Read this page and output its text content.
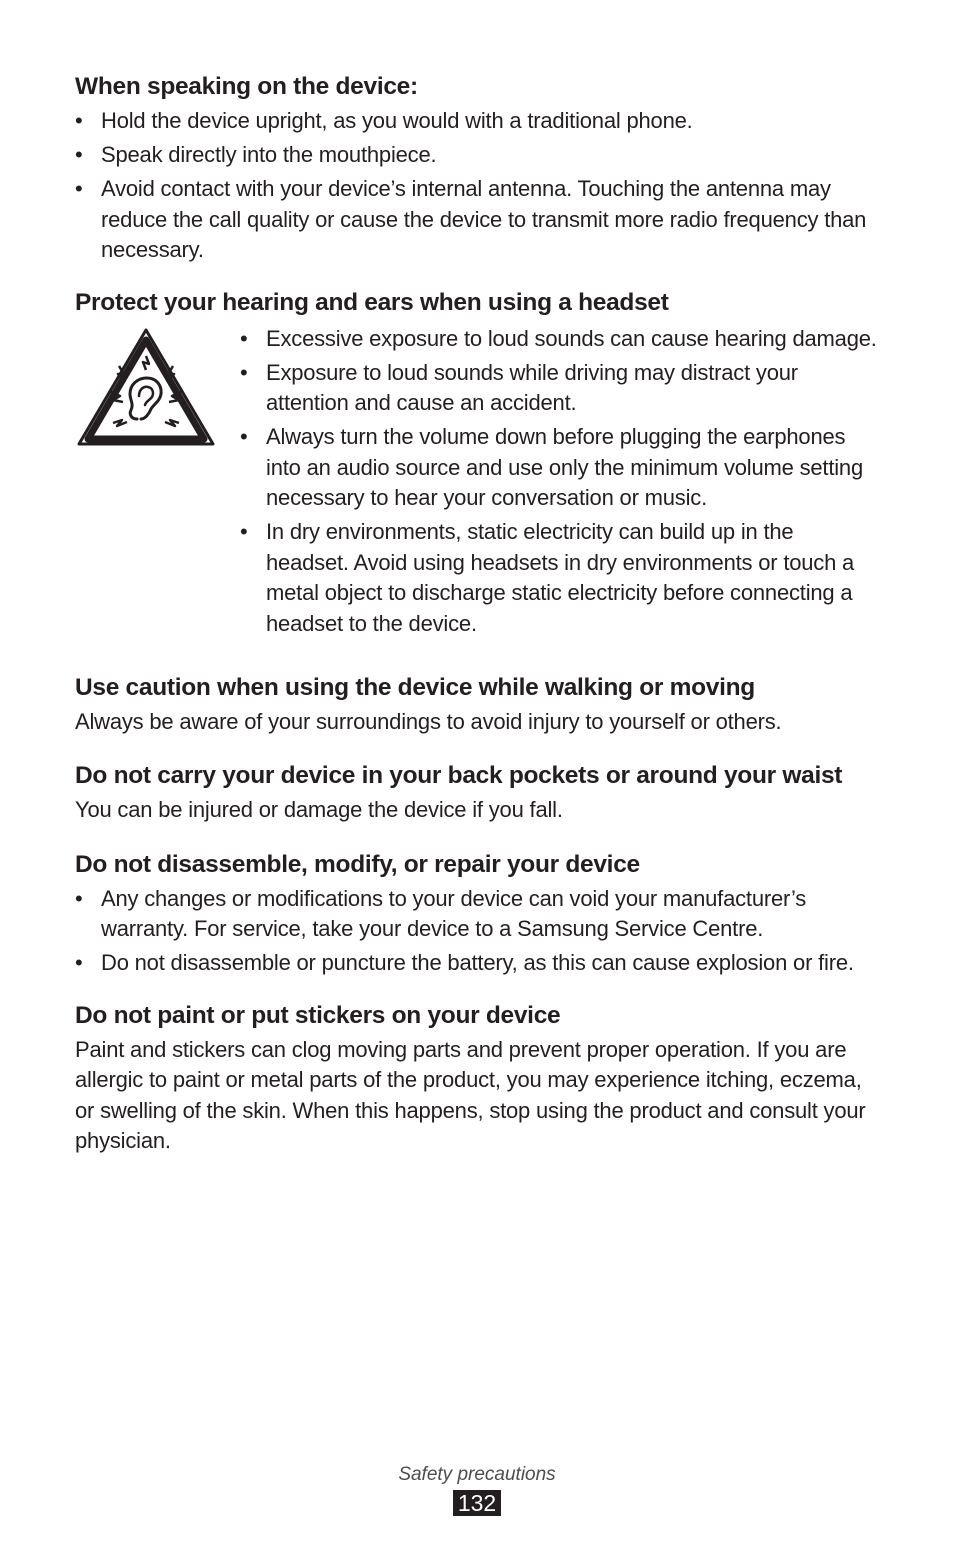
When speaking on the device:
• Hold the device upright, as you would with a traditional phone.
• Speak directly into the mouthpiece.
• Avoid contact with your device’s internal antenna. Touching the antenna may reduce the call quality or cause the device to transmit more radio frequency than necessary.
Protect your hearing and ears when using a headset
• Excessive exposure to loud sounds can cause hearing damage.
• Exposure to loud sounds while driving may distract your attention and cause an accident.
• Always turn the volume down before plugging the earphones into an audio source and use only the minimum volume setting necessary to hear your conversation or music.
• In dry environments, static electricity can build up in the headset. Avoid using headsets in dry environments or touch a metal object to discharge static electricity before connecting a headset to the device.
Use caution when using the device while walking or moving

Always be aware of your surroundings to avoid injury to yourself or others.

Do not carry your device in your back pockets or around your waist

You can be injured or damage the device if you fall.

Do not disassemble, modify, or repair your device
• Any changes or modifications to your device can void your manufacturer’s warranty. For service, take your device to a Samsung Service Centre.
• Do not disassemble or puncture the battery, as this can cause explosion or fire.
Do not paint or put stickers on your device

Paint and stickers can clog moving parts and prevent proper operation. If you are allergic to paint or metal parts of the product, you may experience itching, eczema, or swelling of the skin. When this happens, stop using the product and consult your physician.

Safety precautions
132
